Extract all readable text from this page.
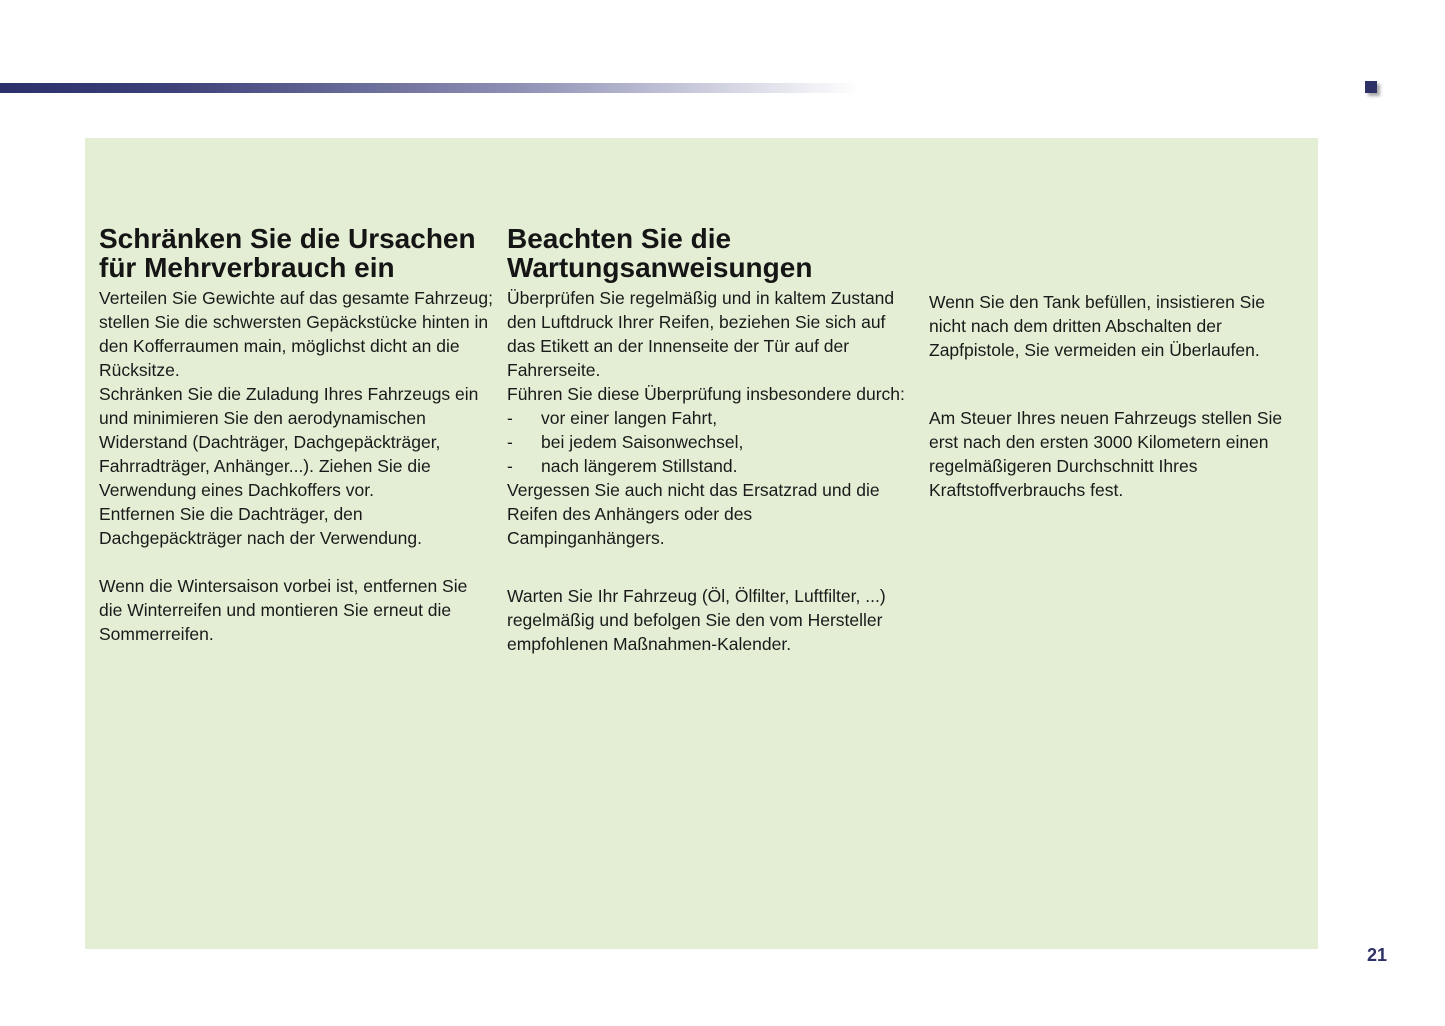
Schränken Sie die Ursachen für Mehrverbrauch ein

Verteilen Sie Gewichte auf das gesamte Fahrzeug; stellen Sie die schwersten Gepäckstücke hinten in den Kofferraumen main, möglichst dicht an die Rücksitze.

Schränken Sie die Zuladung Ihres Fahrzeugs ein und minimieren Sie den aerodynamischen Widerstand (Dachträger, Dachgepäckträger, Fahrradträger, Anhänger...). Ziehen Sie die Verwendung eines Dachkoffers vor.

Entfernen Sie die Dachträger, den Dachgepäckträger nach der Verwendung.

Wenn die Wintersaison vorbei ist, entfernen Sie die Winterreifen und montieren Sie erneut die Sommerreifen.

Beachten Sie die Wartungsanweisungen

Überprüfen Sie regelmäßig und in kaltem Zustand den Luftdruck Ihrer Reifen, beziehen Sie sich auf das Etikett an der Innenseite der Tür auf der Fahrerseite.

Führen Sie diese Überprüfung insbesondere durch:

- vor einer langen Fahrt,
- bei jedem Saisonwechsel,
- nach längerem Stillstand.

Vergessen Sie auch nicht das Ersatzrad und die Reifen des Anhängers oder des Campinganhängers.

Warten Sie Ihr Fahrzeug (Öl, Ölfilter, Luftfilter, ...) regelmäßig und befolgen Sie den vom Hersteller empfohlenen Maßnahmen-Kalender.

Wenn Sie den Tank befüllen, insistieren Sie nicht nach dem dritten Abschalten der Zapfpistole, Sie vermeiden ein Überlaufen.

Am Steuer Ihres neuen Fahrzeugs stellen Sie erst nach den ersten 3000 Kilometern einen regelmäßigeren Durchschnitt Ihres Kraftstoffverbrauchs fest.

21
